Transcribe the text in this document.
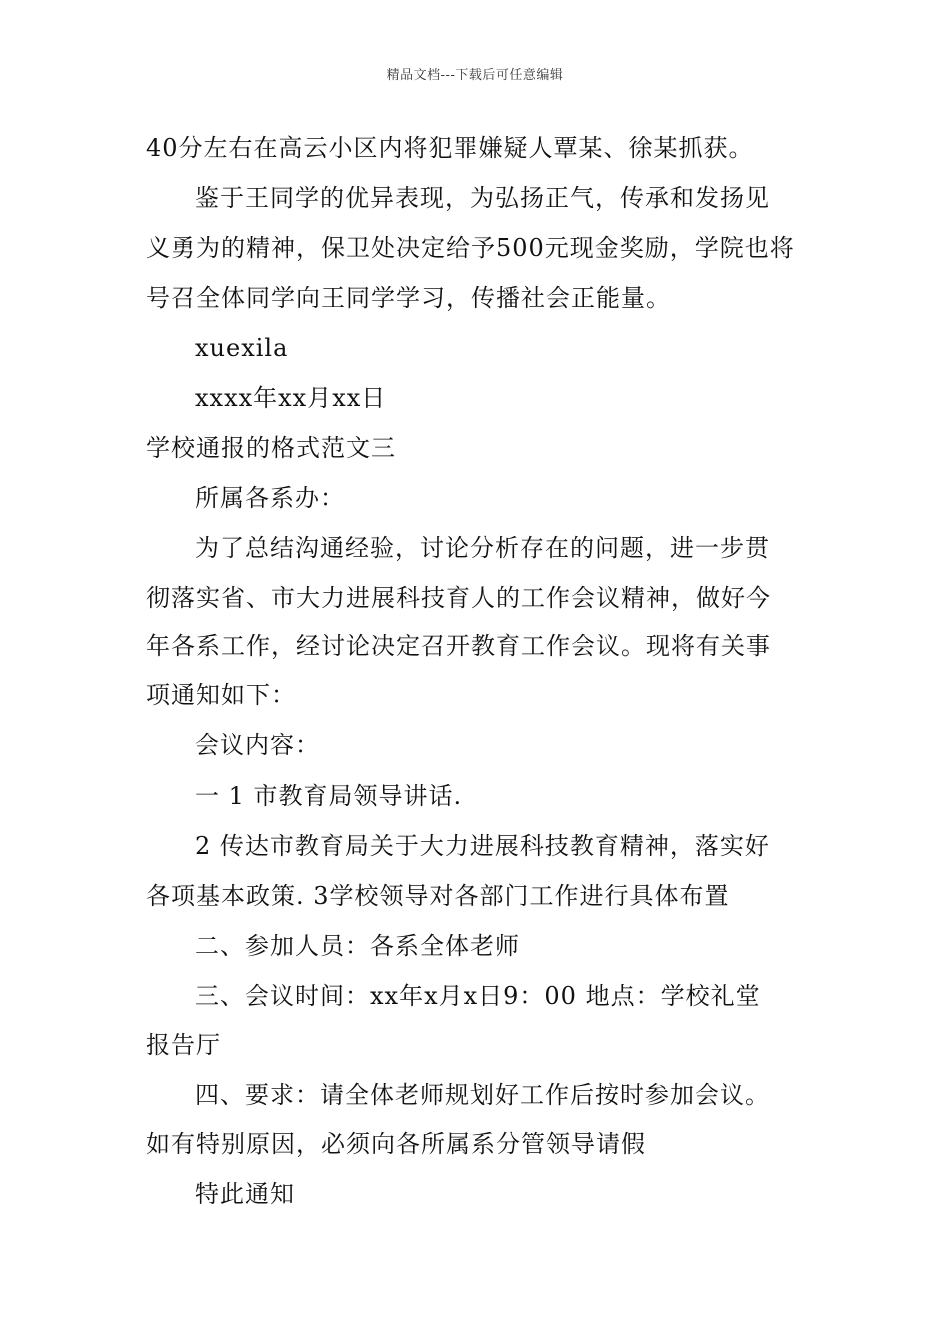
精品文档---下载后可任意编辑
40分左右在高云小区内将犯罪嫌疑人覃某、徐某抓获。
鉴于王同学的优异表现，为弘扬正气，传承和发扬见
义勇为的精神，保卫处决定给予500元现金奖励，学院也将
号召全体同学向王同学学习，传播社会正能量。
xuexila
xxxx年xx月xx日
学校通报的格式范文三
所属各系办：
为了总结沟通经验，讨论分析存在的问题，进一步贯
彻落实省、市大力进展科技育人的工作会议精神，做好今
年各系工作，经讨论决定召开教育工作会议。现将有关事
项通知如下：
会议内容：
一 1 市教育局领导讲话.
2 传达市教育局关于大力进展科技教育精神，落实好
各项基本政策. 3学校领导对各部门工作进行具体布置
二、参加人员：各系全体老师
三、会议时间：xx年x月x日9：00 地点：学校礼堂
报告厅
四、要求：请全体老师规划好工作后按时参加会议。
如有特别原因，必须向各所属系分管领导请假
特此通知
